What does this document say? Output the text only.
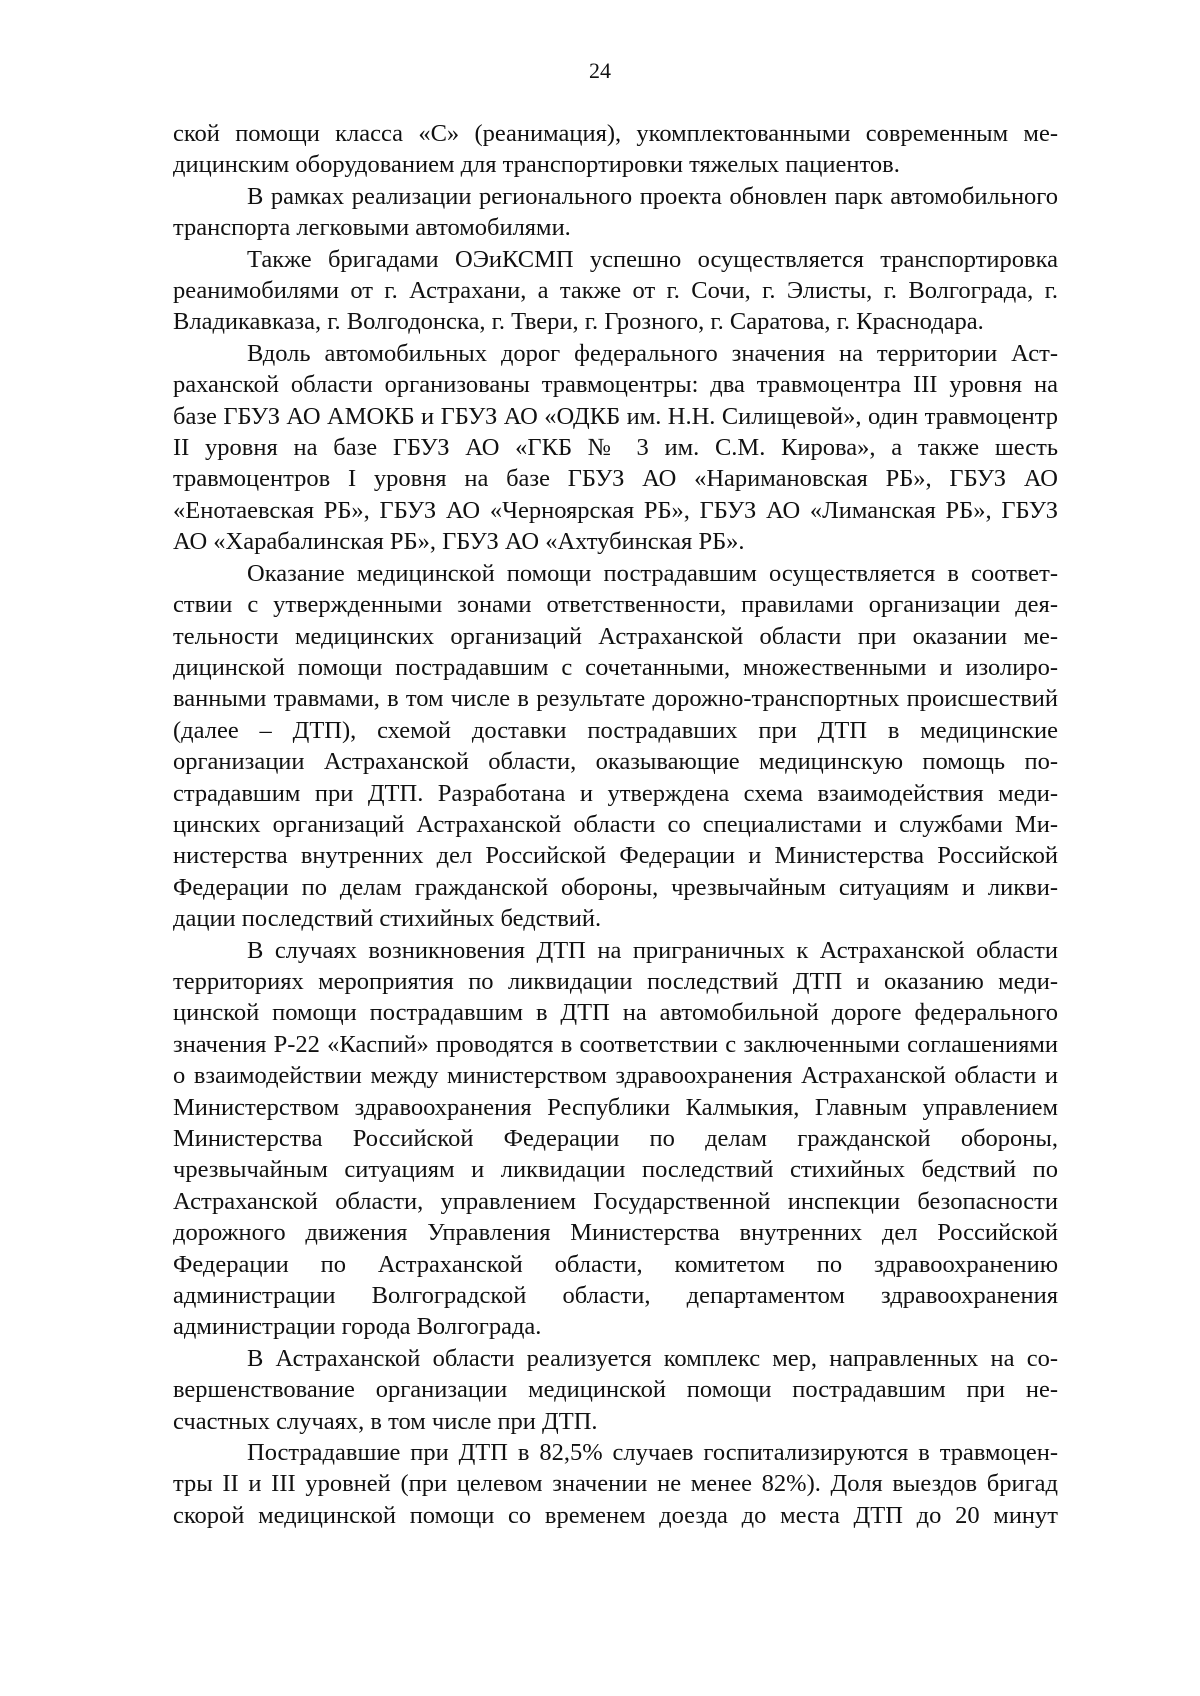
24

ской помощи класса «С» (реанимация), укомплектованными современным медицинским оборудованием для транспортировки тяжелых пациентов.

В рамках реализации регионального проекта обновлен парк автомобильного транспорта легковыми автомобилями.

Также бригадами ОЭиКСМП успешно осуществляется транспортировка реанимобилями от г. Астрахани, а также от г. Сочи, г. Элисты, г. Волгограда, г. Владикавказа, г. Волгодонска, г. Твери, г. Грозного, г. Саратова, г. Краснодара.

Вдоль автомобильных дорог федерального значения на территории Астраханской области организованы травмоцентры: два травмоцентра III уровня на базе ГБУЗ АО АМОКБ и ГБУЗ АО «ОДКБ им. Н.Н. Силищевой», один травмоцентр II уровня на базе ГБУЗ АО «ГКБ № 3 им. С.М. Кирова», а также шесть травмоцентров I уровня на базе ГБУЗ АО «Наримановская РБ», ГБУЗ АО «Енотаевская РБ», ГБУЗ АО «Черноярская РБ», ГБУЗ АО «Лиманская РБ», ГБУЗ АО «Харабалинская РБ», ГБУЗ АО «Ахтубинская РБ».

Оказание медицинской помощи пострадавшим осуществляется в соответствии с утвержденными зонами ответственности, правилами организации деятельности медицинских организаций Астраханской области при оказании медицинской помощи пострадавшим с сочетанными, множественными и изолированными травмами, в том числе в результате дорожно-транспортных происшествий (далее – ДТП), схемой доставки пострадавших при ДТП в медицинские организации Астраханской области, оказывающие медицинскую помощь пострадавшим при ДТП. Разработана и утверждена схема взаимодействия медицинских организаций Астраханской области со специалистами и службами Министерства внутренних дел Российской Федерации и Министерства Российской Федерации по делам гражданской обороны, чрезвычайным ситуациям и ликвидации последствий стихийных бедствий.

В случаях возникновения ДТП на приграничных к Астраханской области территориях мероприятия по ликвидации последствий ДТП и оказанию медицинской помощи пострадавшим в ДТП на автомобильной дороге федерального значения Р-22 «Каспий» проводятся в соответствии с заключенными соглашениями о взаимодействии между министерством здравоохранения Астраханской области и Министерством здравоохранения Республики Калмыкия, Главным управлением Министерства Российской Федерации по делам гражданской обороны, чрезвычайным ситуациям и ликвидации последствий стихийных бедствий по Астраханской области, управлением Государственной инспекции безопасности дорожного движения Управления Министерства внутренних дел Российской Федерации по Астраханской области, комитетом по здравоохранению администрации Волгоградской области, департаментом здравоохранения администрации города Волгограда.

В Астраханской области реализуется комплекс мер, направленных на совершенствование организации медицинской помощи пострадавшим при несчастных случаях, в том числе при ДТП.

Пострадавшие при ДТП в 82,5% случаев госпитализируются в травмоцентры II и III уровней (при целевом значении не менее 82%). Доля выездов бригад скорой медицинской помощи со временем доезда до места ДТП до 20 минут
